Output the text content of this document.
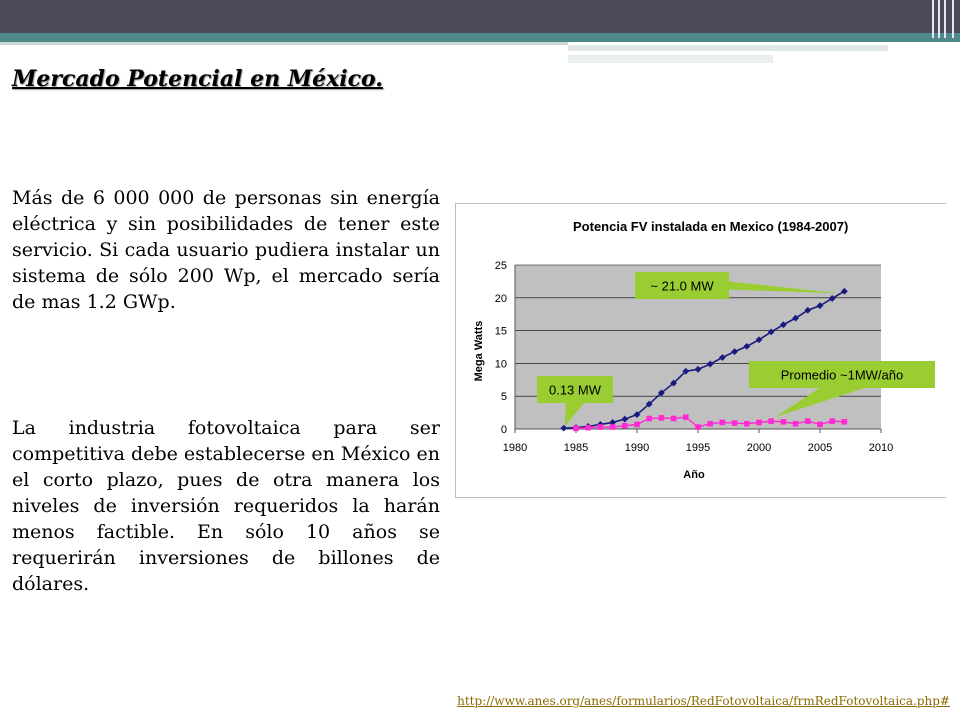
Mercado Potencial en México.

Más de 6 000 000 de personas sin energía eléctrica y sin posibilidades de tener este servicio. Si cada usuario pudiera instalar un sistema de sólo 200 Wp, el mercado sería de mas 1.2 GWp.

La industria fotovoltaica para ser competitiva debe establecerse en México en el corto plazo, pues de otra manera los niveles de inversión requeridos la harán menos factible. En sólo 10 años se requerirán inversiones de billones de dólares.

Potencia FV instalada en Mexico (1984-2007)
0
5
10
15
20
25
1980	1985	1990	1995	2000	2005	2010
~ 21.0 MW
0.13 MW
Promedio ~1MW/año
Mega Watts
Año
http://www.anes.org/anes/formularios/RedFotovoltaica/frmRedFotovoltaica.php#
